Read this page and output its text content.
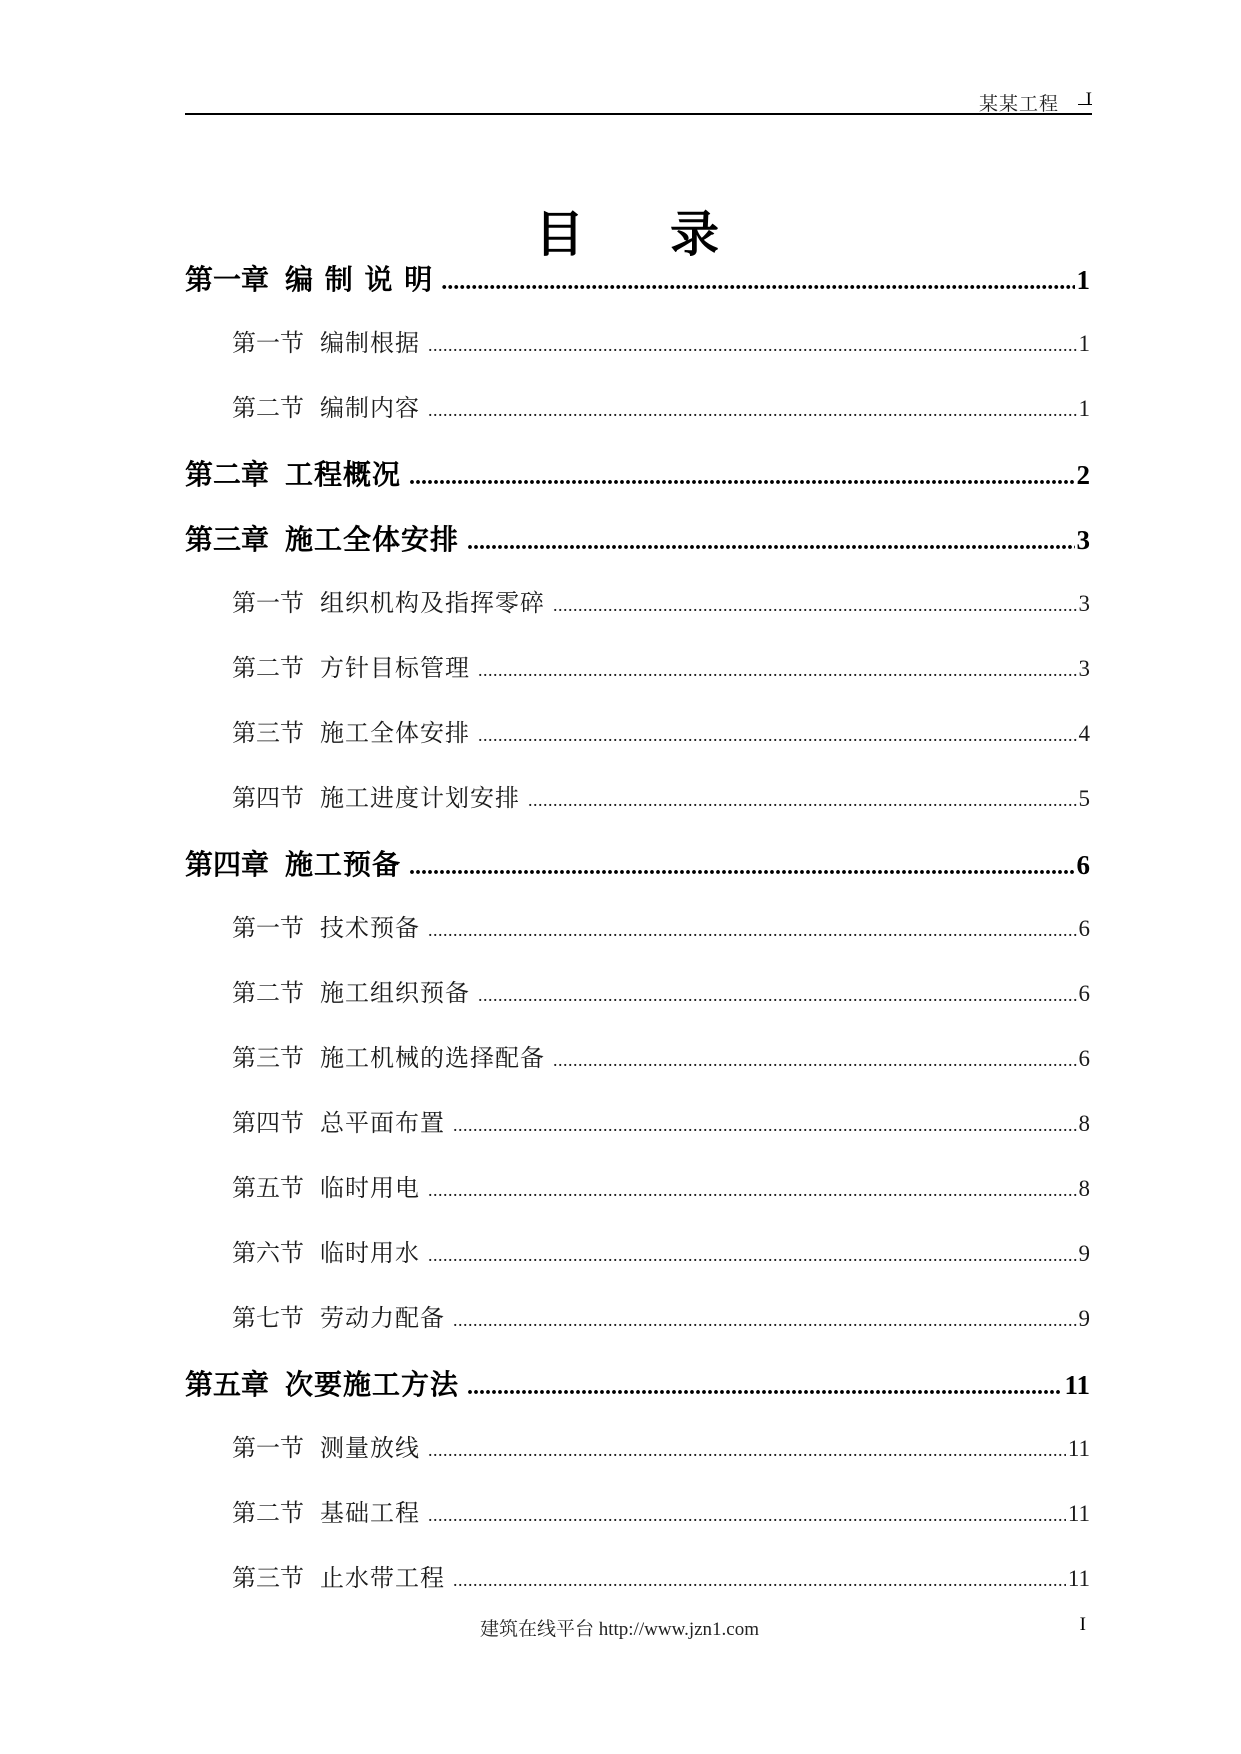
某某工程 I
目录
第一章 编 制 说 明 .....	1
第一节 编制根据 .....	1
第二节 编制内容 .....	1
第二章 工程概况 .....	2
第三章 施工全体安排 .....	3
第一节 组织机构及指挥零碎 .....	3
第二节 方针目标管理 .....	3
第三节 施工全体安排 .....	4
第四节 施工进度计划安排 .....	5
第四章 施工预备 .....	6
第一节 技术预备 .....	6
第二节 施工组织预备 .....	6
第三节 施工机械的选择配备 .....	6
第四节 总平面布置 .....	8
第五节 临时用电 .....	8
第六节 临时用水 .....	9
第七节 劳动力配备 .....	9
第五章 次要施工方法 .....	11
第一节 测量放线 .....	11
第二节 基础工程 .....	11
第三节 止水带工程 .....	11
建筑在线平台 http://www.jzn1.com	I
